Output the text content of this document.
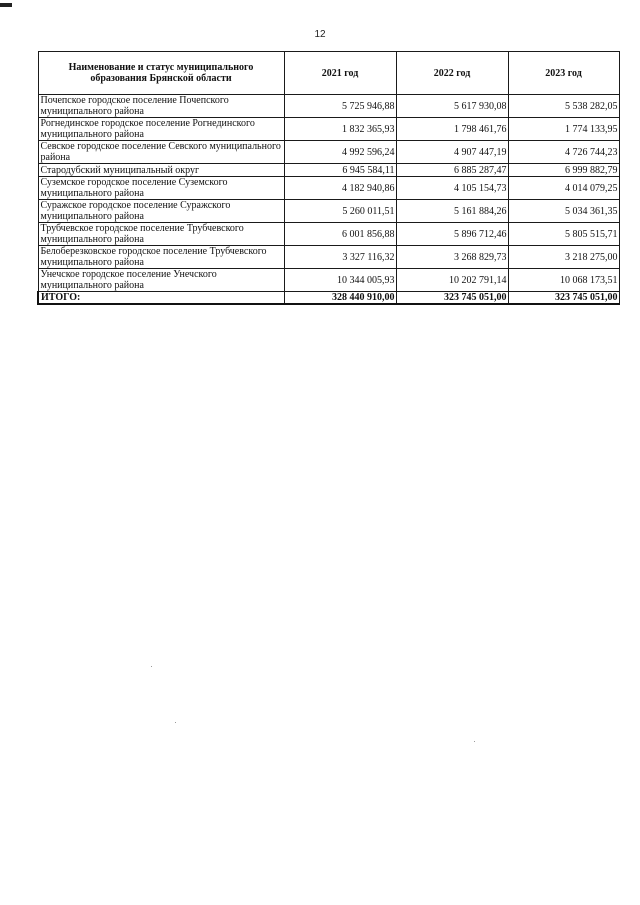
12
Наименование и статус муниципального образования Брянской области	2021 год	2022 год	2023 год
Почепское городское поселение Почепского муниципального района	5 725 946,88	5 617 930,08	5 538 282,05
Рогнединское городское поселение Рогнединского муниципального района	1 832 365,93	1 798 461,76	1 774 133,95
Севское городское поселение Севского муниципального района	4 992 596,24	4 907 447,19	4 726 744,23
Стародубский муниципальный округ	6 945 584,11	6 885 287,47	6 999 882,79
Суземское городское поселение Суземского муниципального района	4 182 940,86	4 105 154,73	4 014 079,25
Суражское городское поселение Суражского муниципального района	5 260 011,51	5 161 884,26	5 034 361,35
Трубчевское городское поселение Трубчевского муниципального района	6 001 856,88	5 896 712,46	5 805 515,71
Белоберезковское городское поселение Трубчевского муниципального района	3 327 116,32	3 268 829,73	3 218 275,00
Унечское городское поселение Унечского муниципального района	10 344 005,93	10 202 791,14	10 068 173,51
ИТОГО:	328 440 910,00	323 745 051,00	323 745 051,00
